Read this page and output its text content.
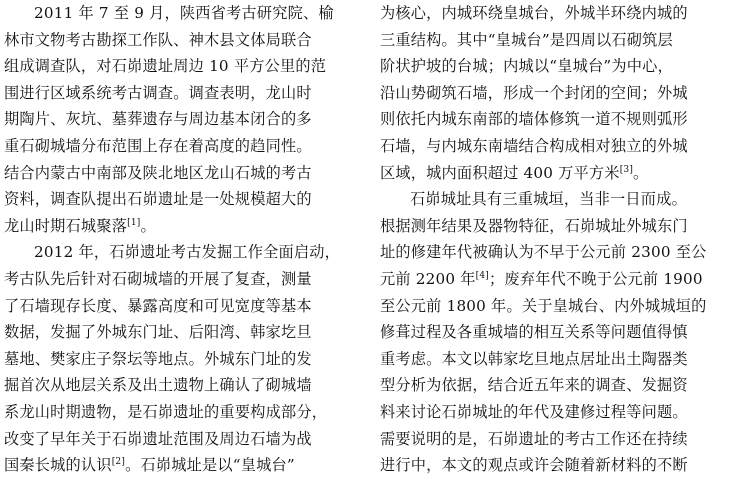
2011 年 7 至 9 月，陕西省考古研究院、榆
林市文物考古勘探工作队、神木县文体局联合
组成调查队，对石峁遗址周边 10 平方公里的范
围进行区域系统考古调查。调查表明，龙山时
期陶片、灰坑、墓葬遗存与周边基本闭合的多
重石砌城墙分布范围上存在着高度的趋同性。
结合内蒙古中南部及陕北地区龙山石城的考古
资料，调查队提出石峁遗址是一处规模超大的
龙山时期石城聚落[1]。
2012 年，石峁遗址考古发掘工作全面启动，
考古队先后针对石砌城墙的开展了复查，测量
了石墙现存长度、暴露高度和可见宽度等基本
数据，发掘了外城东门址、后阳湾、韩家圪旦
墓地、樊家庄子祭坛等地点。外城东门址的发
掘首次从地层关系及出土遗物上确认了砌城墙
系龙山时期遗物，是石峁遗址的重要构成部分，
改变了早年关于石峁遗址范围及周边石墙为战
国秦长城的认识[2]。石峁城址是以“皇城台”
为核心，内城环绕皇城台，外城半环绕内城的
三重结构。其中“皇城台”是四周以石砌筑层
阶状护坡的台城；内城以“皇城台”为中心，
沿山势砌筑石墙，形成一个封闭的空间；外城
则依托内城东南部的墙体修筑一道不规则弧形
石墙，与内城东南墙结合构成相对独立的外城
区域，城内面积超过 400 万平方米[3]。
石峁城址具有三重城垣，当非一日而成。
根据测年结果及器物特征，石峁城址外城东门
址的修建年代被确认为不早于公元前 2300 至公
元前 2200 年[4]；废弃年代不晚于公元前 1900
至公元前 1800 年。关于皇城台、内外城城垣的
修葺过程及各重城墙的相互关系等问题值得慎
重考虑。本文以韩家圪旦地点居址出土陶器类
型分析为依据，结合近五年来的调查、发掘资
料来讨论石峁城址的年代及建修过程等问题。
需要说明的是，石峁遗址的考古工作还在持续
进行中，本文的观点或许会随着新材料的不断
